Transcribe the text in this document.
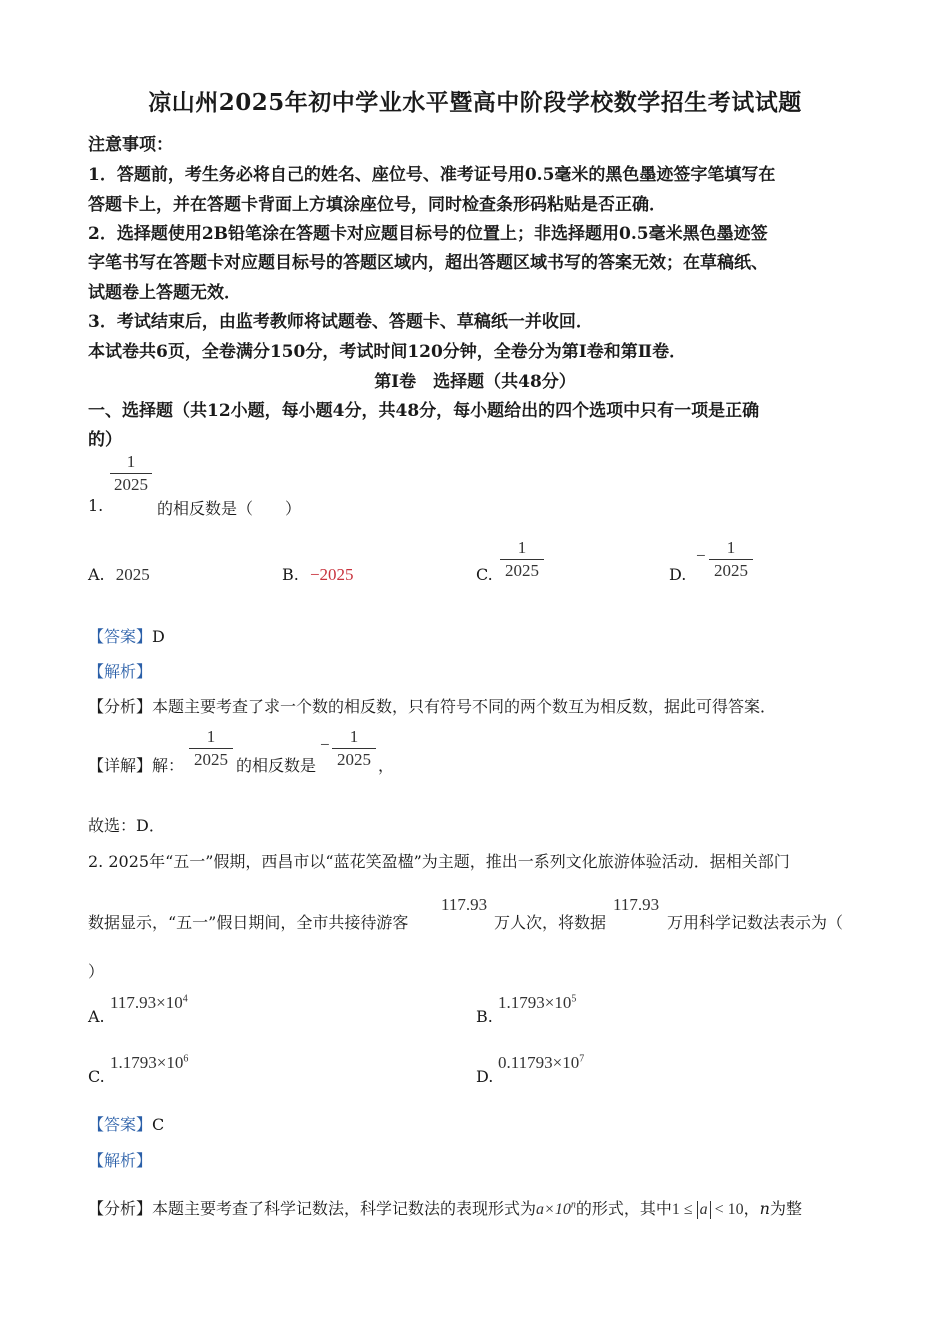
凉山州2025年初中学业水平暨高中阶段学校数学招生考试试题
注意事项：
1．答题前，考生务必将自己的姓名、座位号、准考证号用0.5毫米的黑色墨迹签字笔填写在
答题卡上，并在答题卡背面上方填涂座位号，同时检查条形码粘贴是否正确．
2．选择题使用2B铅笔涂在答题卡对应题目标号的位置上；非选择题用0.5毫米黑色墨迹签
字笔书写在答题卡对应题目标号的答题区域内，超出答题区域书写的答案无效；在草稿纸、
试题卷上答题无效．
3．考试结束后，由监考教师将试题卷、答题卡、草稿纸一并收回．
本试卷共6页，全卷满分150分，考试时间120分钟，全卷分为第Ⅰ卷和第Ⅱ卷．
第Ⅰ卷　选择题（共48分）
一、选择题（共12小题，每小题4分，共48分，每小题给出的四个选项中只有一项是正确
的）
1.
1
2025
的相反数是（　　）
A. 2025	B. −2025	C.
1
2025	D.
−	1
2025
【答案】D
【解析】
【分析】本题主要考查了求一个数的相反数，只有符号不同的两个数互为相反数，据此可得答案．
【详解】解：
1
2025 的相反数是
−	1
2025 ，
故选：D．
2. 2025年“五一”假期，西昌市以“蓝花笑盈楹”为主题，推出一系列文化旅游体验活动．据相关部门
数据显示，“五一”假日期间，全市共接待游客
117.93
万人次，将数据
117.93
万用科学记数法表示为（
）
A.
$117.93\times 10^4$
B.
$1.1793\times 10^5$
C.
$1.1793\times 10^6$
D.
$0.11793\times 10^7$
【答案】C
【解析】
【分析】本题主要考查了科学记数法，科学记数法的表现形式为$a\times 10^n$的形式，其中1 ≤ a < 10，n为整
